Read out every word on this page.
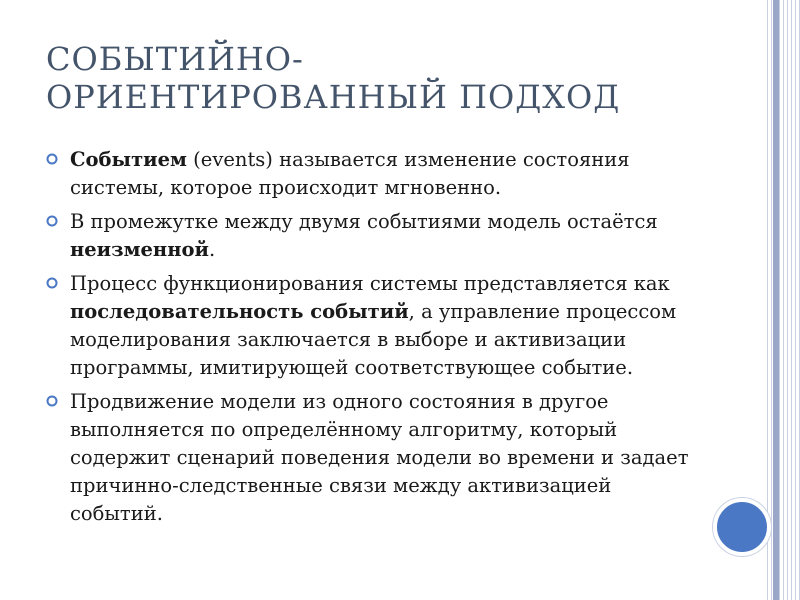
СОБЫТИЙНО-
ОРИЕНТИРОВАННЫЙ ПОДХОД
Событием (events) называется изменение состояния системы, которое происходит мгновенно.
В промежутке между двумя событиями модель остаётся неизменной.
Процесс функционирования системы представляется как последовательность событий, а управление процессом моделирования заключается в выборе и активизации программы, имитирующей соответствующее событие.
Продвижение модели из одного состояния в другое выполняется по определённому алгоритму, который содержит сценарий поведения модели во времени и задает причинно-следственные связи между активизацией событий.
